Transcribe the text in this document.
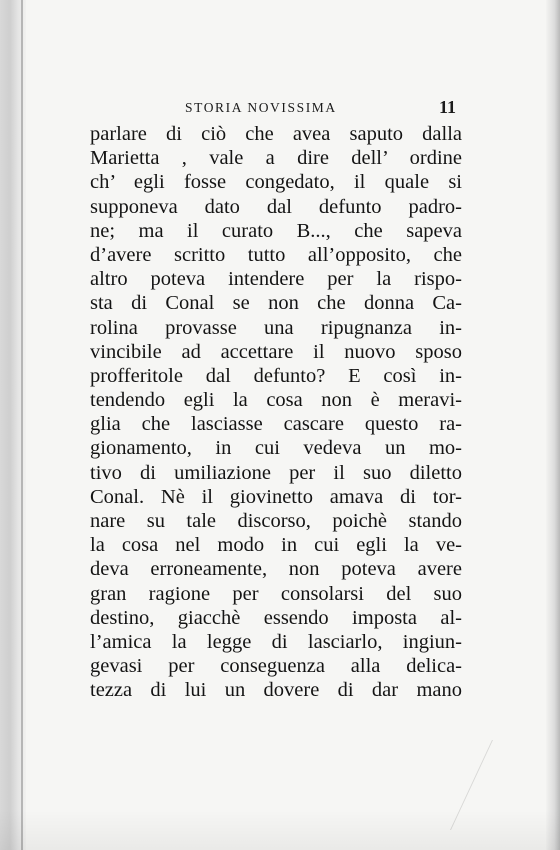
STORIA NOVISSIMA	11
parlare di ciò che avea saputo dalla
Marietta , vale a dire dell’ ordine
ch’ egli fosse congedato, il quale si
supponeva dato dal defunto padro-
ne; ma il curato B..., che sapeva
d’avere scritto tutto all’opposito, che
altro poteva intendere per la rispo-
sta di Conal se non che donna Ca-
rolina provasse una ripugnanza in-
vincibile ad accettare il nuovo sposo
profferitole dal defunto? E così in-
tendendo egli la cosa non è meravi-
glia che lasciasse cascare questo ra-
gionamento, in cui vedeva un mo-
tivo di umiliazione per il suo diletto
Conal. Nè il giovinetto amava di tor-
nare su tale discorso, poichè stando
la cosa nel modo in cui egli la ve-
deva erroneamente, non poteva avere
gran ragione per consolarsi del suo
destino, giacchè essendo imposta al-
l’amica la legge di lasciarlo, ingiun-
gevasi per conseguenza alla delica-
tezza di lui un dovere di dar mano
